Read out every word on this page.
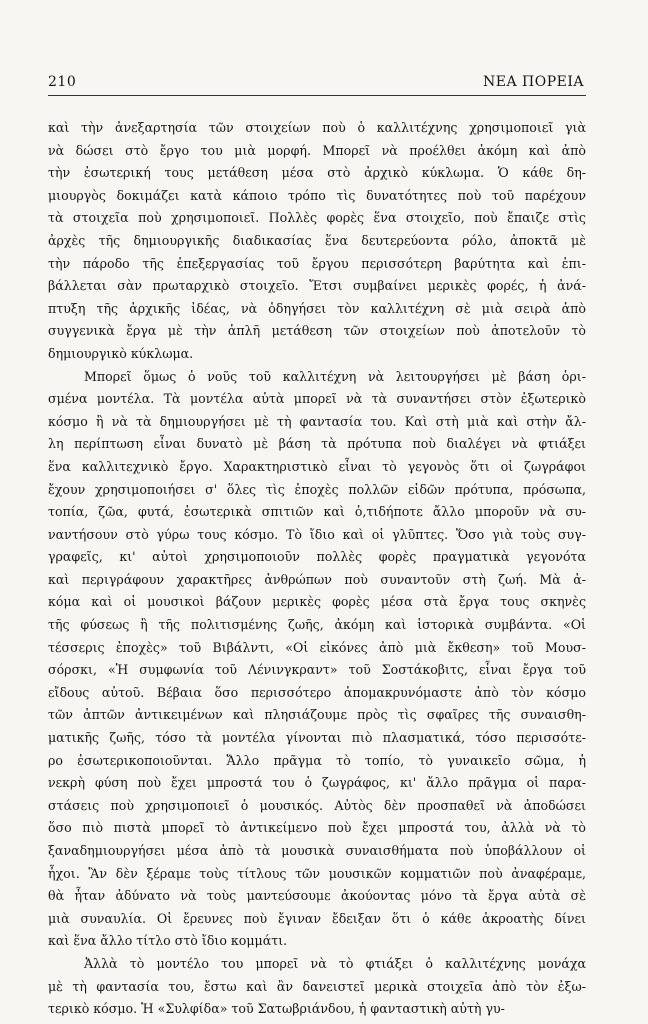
210	ΝΕΑ ΠΟΡΕΙΑ
καὶ τὴν ἀνεξαρτησία τῶν στοιχείων ποὺ ὁ καλλιτέχνης χρησιμοποιεῖ γιὰ
νὰ δώσει στὸ ἔργο του μιὰ μορφή. Μπορεῖ νὰ προέλθει ἀκόμη καὶ ἀπὸ
τὴν ἐσωτερική τους μετάθεση μέσα στὸ ἀρχικὸ κύκλωμα. Ὁ κάθε δη-
μιουργὸς δοκιμάζει κατὰ κάποιο τρόπο τὶς δυνατότητες ποὺ τοῦ παρέχουν
τὰ στοιχεῖα ποὺ χρησιμοποιεῖ. Πολλὲς φορὲς ἕνα στοιχεῖο, ποὺ ἔπαιζε στὶς
ἀρχὲς τῆς δημιουργικῆς διαδικασίας ἕνα δευτερεύοντα ρόλο, ἀποκτᾶ μὲ
τὴν πάροδο τῆς ἐπεξεργασίας τοῦ ἔργου περισσότερη βαρύτητα καὶ ἐπι-
βάλλεται σὰν πρωταρχικὸ στοιχεῖο. Ἔτσι συμβαίνει μερικὲς φορές, ἡ ἀνά-
πτυξη τῆς ἀρχικῆς ἰδέας, νὰ ὁδηγήσει τὸν καλλιτέχνη σὲ μιὰ σειρὰ ἀπὸ
συγγενικὰ ἔργα μὲ τὴν ἁπλῆ μετάθεση τῶν στοιχείων ποὺ ἀποτελοῦν τὸ
δημιουργικὸ κύκλωμα.
Μπορεῖ ὅμως ὁ νοῦς τοῦ καλλιτέχνη νὰ λειτουργήσει μὲ βάση ὁρι-
σμένα μοντέλα. Τὰ μοντέλα αὐτὰ μπορεῖ νὰ τὰ συναντήσει στὸν ἐξωτερικὸ
κόσμο ἢ νὰ τὰ δημιουργήσει μὲ τὴ φαντασία του. Καὶ στὴ μιὰ καὶ στὴν ἄλ-
λη περίπτωση εἶναι δυνατὸ μὲ βάση τὰ πρότυπα ποὺ διαλέγει νὰ φτιάξει
ἕνα καλλιτεχνικὸ ἔργο. Χαρακτηριστικὸ εἶναι τὸ γεγονὸς ὅτι οἱ ζωγράφοι
ἔχουν χρησιμοποιήσει σ' ὅλες τὶς ἐποχὲς πολλῶν εἰδῶν πρότυπα, πρόσωπα,
τοπία, ζῶα, φυτά, ἐσωτερικὰ σπιτιῶν καὶ ὁ,τιδήποτε ἄλλο μποροῦν νὰ συ-
ναντήσουν στὸ γύρω τους κόσμο. Τὸ ἴδιο καὶ οἱ γλῦπτες. Ὅσο γιὰ τοὺς συγ-
γραφεῖς, κι' αὐτοὶ χρησιμοποιοῦν πολλὲς φορὲς πραγματικὰ γεγονότα
καὶ περιγράφουν χαρακτῆρες ἀνθρώπων ποὺ συναντοῦν στὴ ζωή. Μὰ ἀ-
κόμα καὶ οἱ μουσικοὶ βάζουν μερικὲς φορὲς μέσα στὰ ἔργα τους σκηνὲς
τῆς φύσεως ἢ τῆς πολιτισμένης ζωῆς, ἀκόμη καὶ ἱστορικὰ συμβάντα. «Οἱ
τέσσερις ἐποχὲς» τοῦ Βιβάλντι, «Οἱ εἰκόνες ἀπὸ μιὰ ἔκθεση» τοῦ Μουσ-
σόρσκι, «Ἡ συμφωνία τοῦ Λένινγκραντ» τοῦ Σοστάκοβιτς, εἶναι ἔργα τοῦ
εἴδους αὐτοῦ. Βέβαια ὅσο περισσότερο ἀπομακρυνόμαστε ἀπὸ τὸν κόσμο
τῶν ἁπτῶν ἀντικειμένων καὶ πλησιάζουμε πρὸς τὶς σφαῖρες τῆς συναισθη-
ματικῆς ζωῆς, τόσο τὰ μοντέλα γίνονται πιὸ πλασματικά, τόσο περισσότε-
ρο ἐσωτερικοποιοῦνται. Ἄλλο πρᾶγμα τὸ τοπίο, τὸ γυναικεῖο σῶμα, ἡ
νεκρὴ φύση ποὺ ἔχει μπροστά του ὁ ζωγράφος, κι' ἄλλο πρᾶγμα οἱ παρα-
στάσεις ποὺ χρησιμοποιεῖ ὁ μουσικός. Αὐτὸς δὲν προσπαθεῖ νὰ ἀποδώσει
ὅσο πιὸ πιστὰ μπορεῖ τὸ ἀντικείμενο ποὺ ἔχει μπροστά του, ἀλλὰ νὰ τὸ
ξαναδημιουργήσει μέσα ἀπὸ τὰ μουσικὰ συναισθήματα ποὺ ὑποβάλλουν οἱ
ἦχοι. Ἂν δὲν ξέραμε τοὺς τίτλους τῶν μουσικῶν κομματιῶν ποὺ ἀναφέραμε,
θὰ ἦταν ἀδύνατο νὰ τοὺς μαντεύσουμε ἀκούοντας μόνο τὰ ἔργα αὐτὰ σὲ
μιὰ συναυλία. Οἱ ἔρευνες ποὺ ἔγιναν ἔδειξαν ὅτι ὁ κάθε ἀκροατὴς δίνει
καὶ ἕνα ἄλλο τίτλο στὸ ἴδιο κομμάτι.
Ἀλλὰ τὸ μοντέλο του μπορεῖ νὰ τὸ φτιάξει ὁ καλλιτέχνης μονάχα
μὲ τὴ φαντασία του, ἔστω καὶ ἂν δανειστεῖ μερικὰ στοιχεῖα ἀπὸ τὸν ἐξω-
τερικὸ κόσμο. Ἡ «Συλφίδα» τοῦ Σατωβριάνδου, ἡ φανταστικὴ αὐτὴ γυ-
